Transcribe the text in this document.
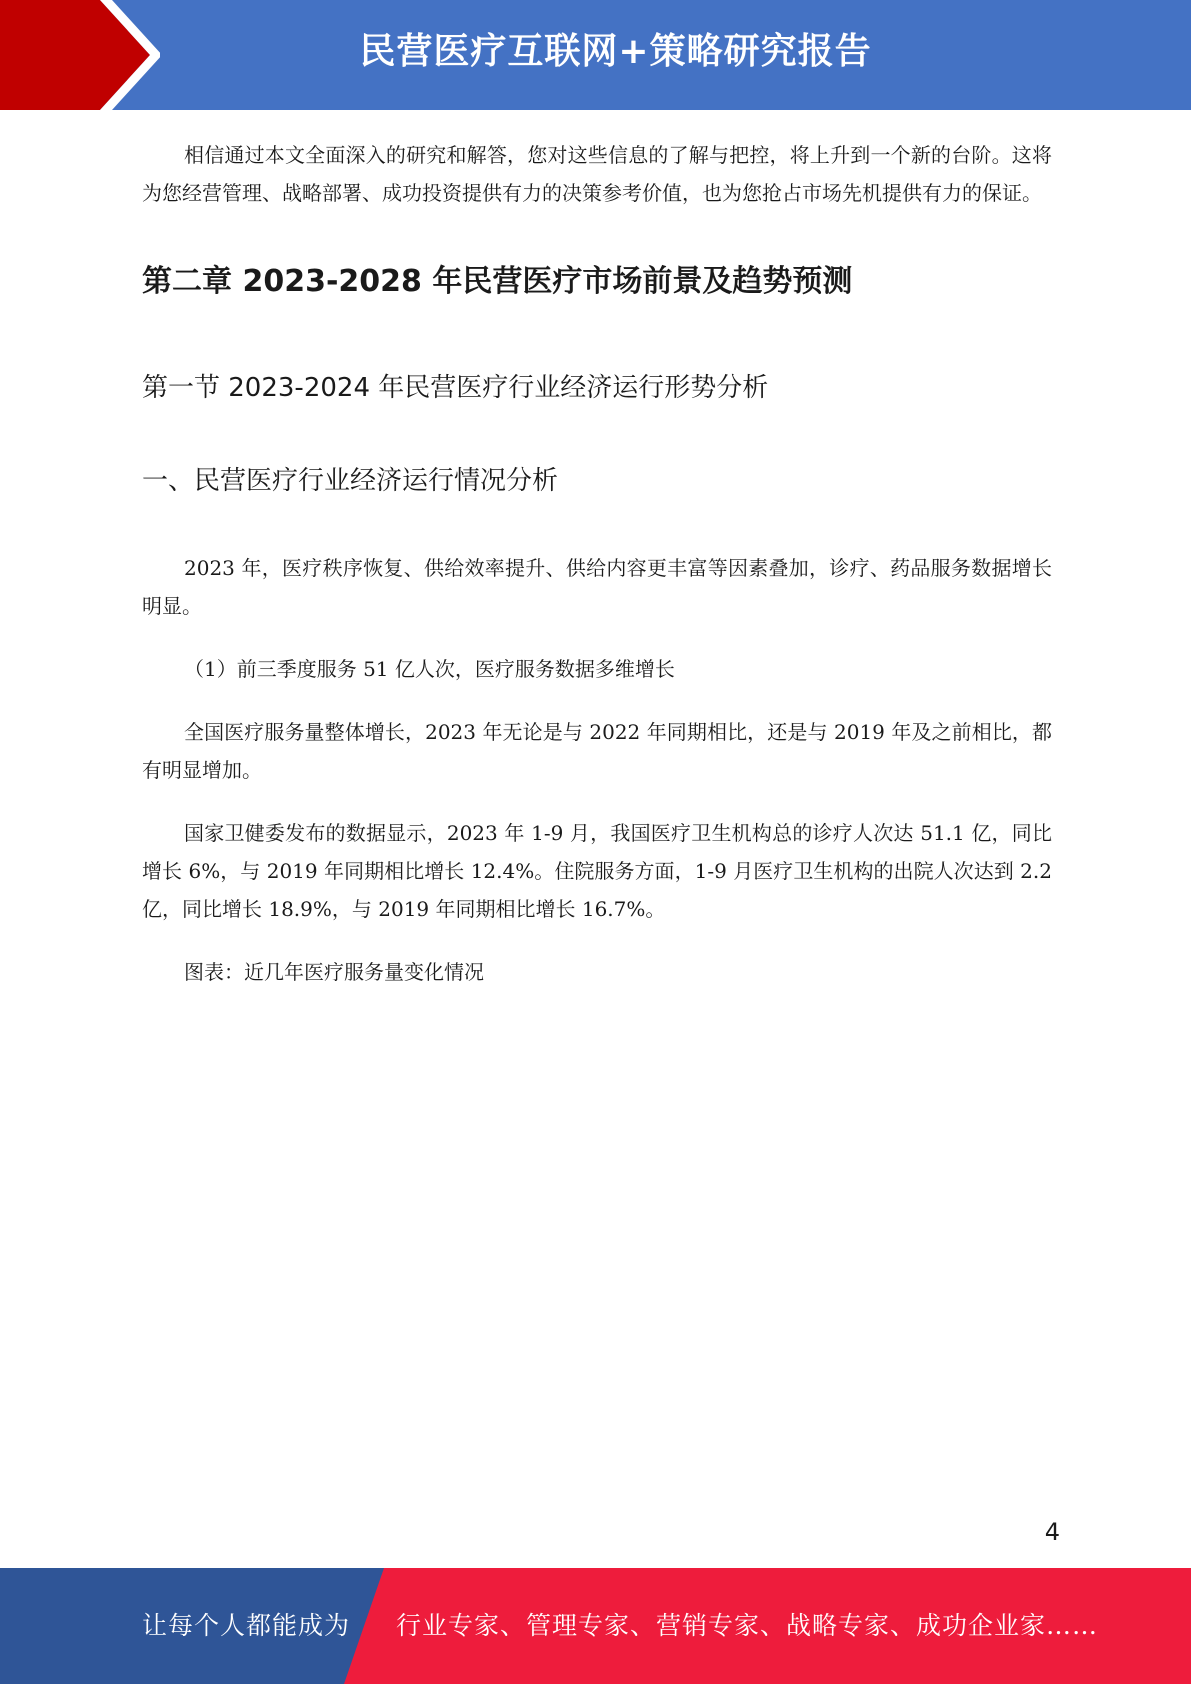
民营医疗互联网+策略研究报告

相信通过本文全面深入的研究和解答，您对这些信息的了解与把控，将上升到一个新的台阶。这将为您经营管理、战略部署、成功投资提供有力的决策参考价值，也为您抢占市场先机提供有力的保证。

第二章 2023-2028 年民营医疗市场前景及趋势预测
第一节 2023-2024 年民营医疗行业经济运行形势分析
一、民营医疗行业经济运行情况分析

2023 年，医疗秩序恢复、供给效率提升、供给内容更丰富等因素叠加，诊疗、药品服务数据增长明显。

（1）前三季度服务 51 亿人次，医疗服务数据多维增长

全国医疗服务量整体增长，2023 年无论是与 2022 年同期相比，还是与 2019 年及之前相比，都有明显增加。

国家卫健委发布的数据显示，2023 年 1-9 月，我国医疗卫生机构总的诊疗人次达 51.1 亿，同比增长 6%，与 2019 年同期相比增长 12.4%。住院服务方面，1-9 月医疗卫生机构的出院人次达到 2.2 亿，同比增长 18.9%，与 2019 年同期相比增长 16.7%。

图表：近几年医疗服务量变化情况

4
让每个人都能成为 行业专家、管理专家、营销专家、战略专家、成功企业家……
